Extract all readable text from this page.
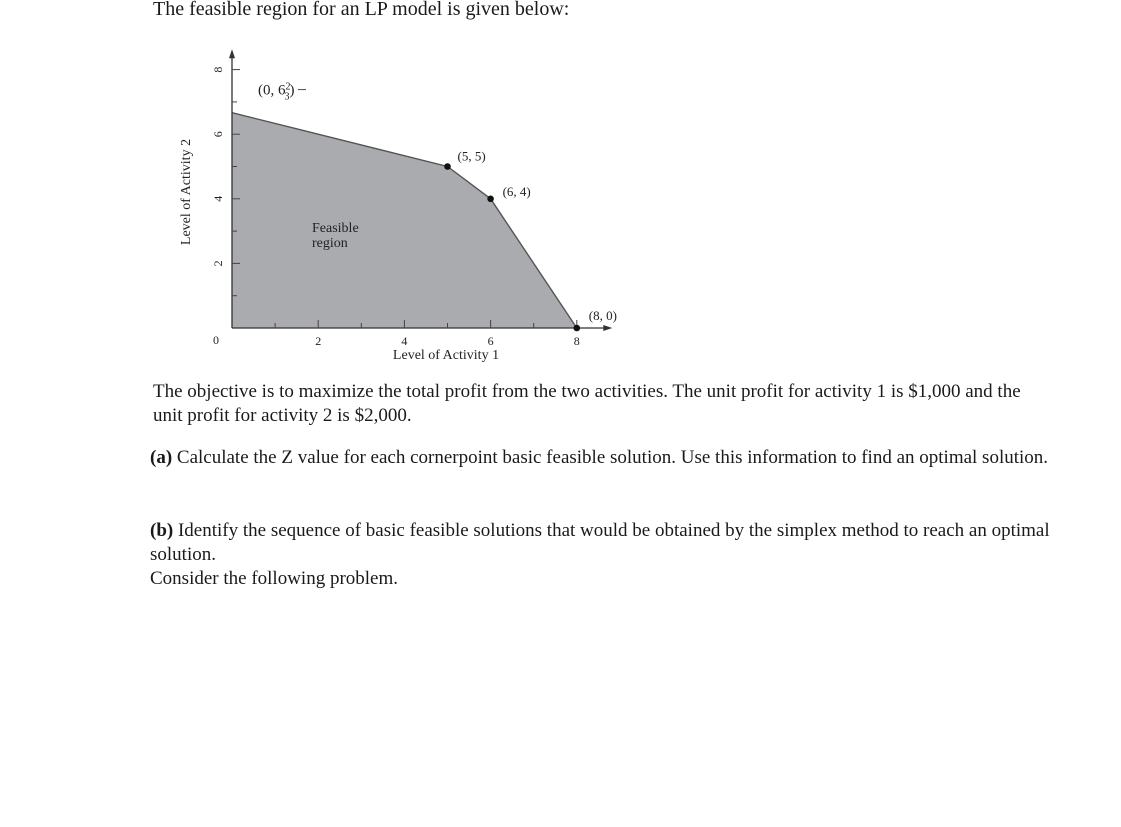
The feasible region for an LP model is given below:

2	4	6	8
2
4
6
8
0
Level of Activity 1
Level of Activity 2	Feasible
region
(0, $6^2$ 3)
(5, 5)
(6, 4)
(8, 0)

The objective is to maximize the total profit from the two activities. The unit profit for activity 1 is $1,000 and the unit profit for activity 2 is $2,000.

(a) Calculate the Z value for each cornerpoint basic feasible solution. Use this information to find an optimal solution.

(b) Identify the sequence of basic feasible solutions that would be obtained by the simplex method to reach an optimal solution.

Consider the following problem.
